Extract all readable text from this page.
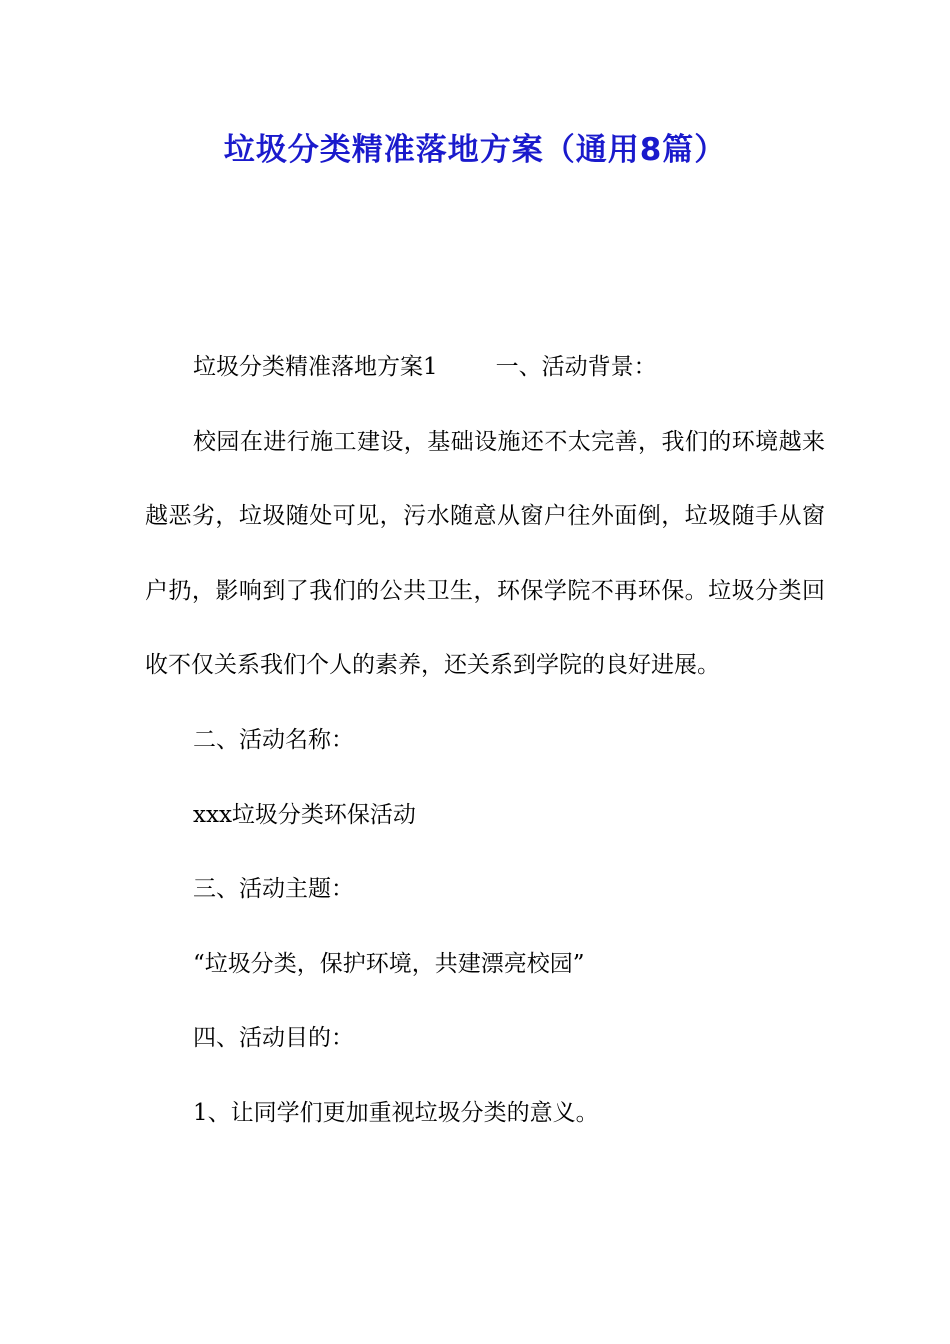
垃圾分类精准落地方案（通用8篇）

垃圾分类精准落地方案1	一、活动背景：

校园在进行施工建设，基础设施还不太完善，我们的环境越来越恶劣，垃圾随处可见，污水随意从窗户往外面倒，垃圾随手从窗户扔，影响到了我们的公共卫生，环保学院不再环保。垃圾分类回收不仅关系我们个人的素养，还关系到学院的良好进展。

二、活动名称：

xxx垃圾分类环保活动

三、活动主题：

“垃圾分类，保护环境，共建漂亮校园”

四、活动目的：

1、让同学们更加重视垃圾分类的意义。
